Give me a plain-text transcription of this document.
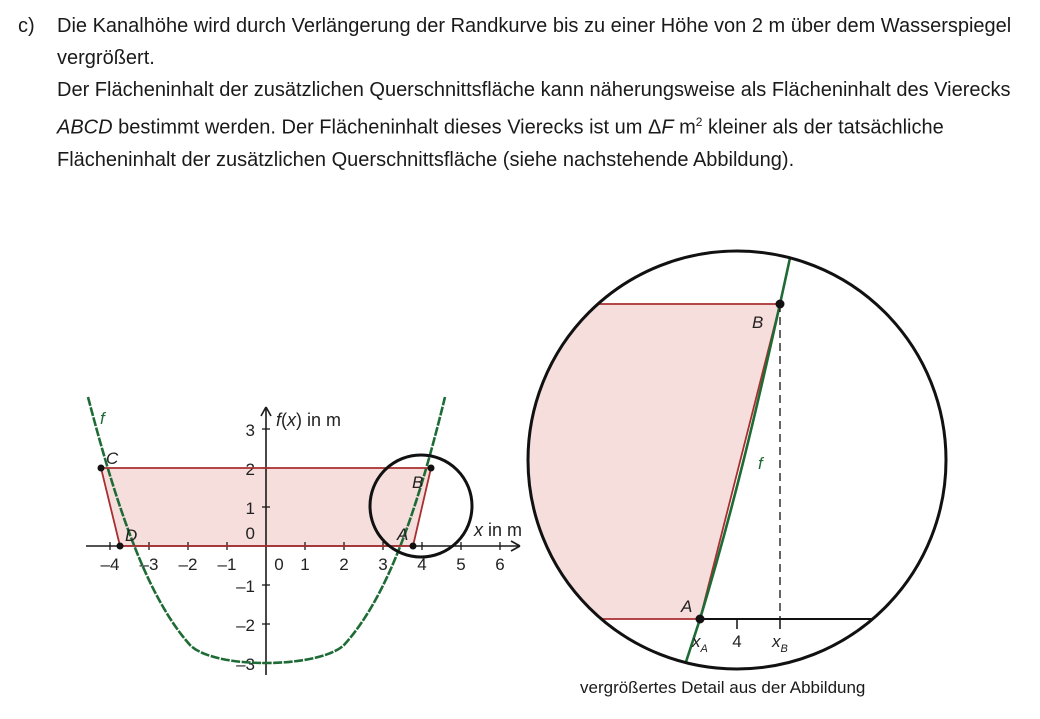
c) Die Kanalhöhe wird durch Verlängerung der Randkurve bis zu einer Höhe von 2 m über dem Wasserspiegel vergrößert.

Der Flächeninhalt der zusätzlichen Querschnittsfläche kann näherungsweise als Flächeninhalt des Vierecks ABCD bestimmt werden. Der Flächeninhalt dieses Vierecks ist um ΔF $m^2$ kleiner als der tatsächliche Flächeninhalt der zusätzlichen Querschnittsfläche (siehe nachstehende Abbildung).

–4 –3 –2 –1 0 1 2 3 4 5 6
3
2
1
0
–1
–2
–3
f(x) in m
x in m
A
B
C
D
f
A
B
f
$x_A$ 4 $x_B$
vergrößertes Detail aus der Abbildung
